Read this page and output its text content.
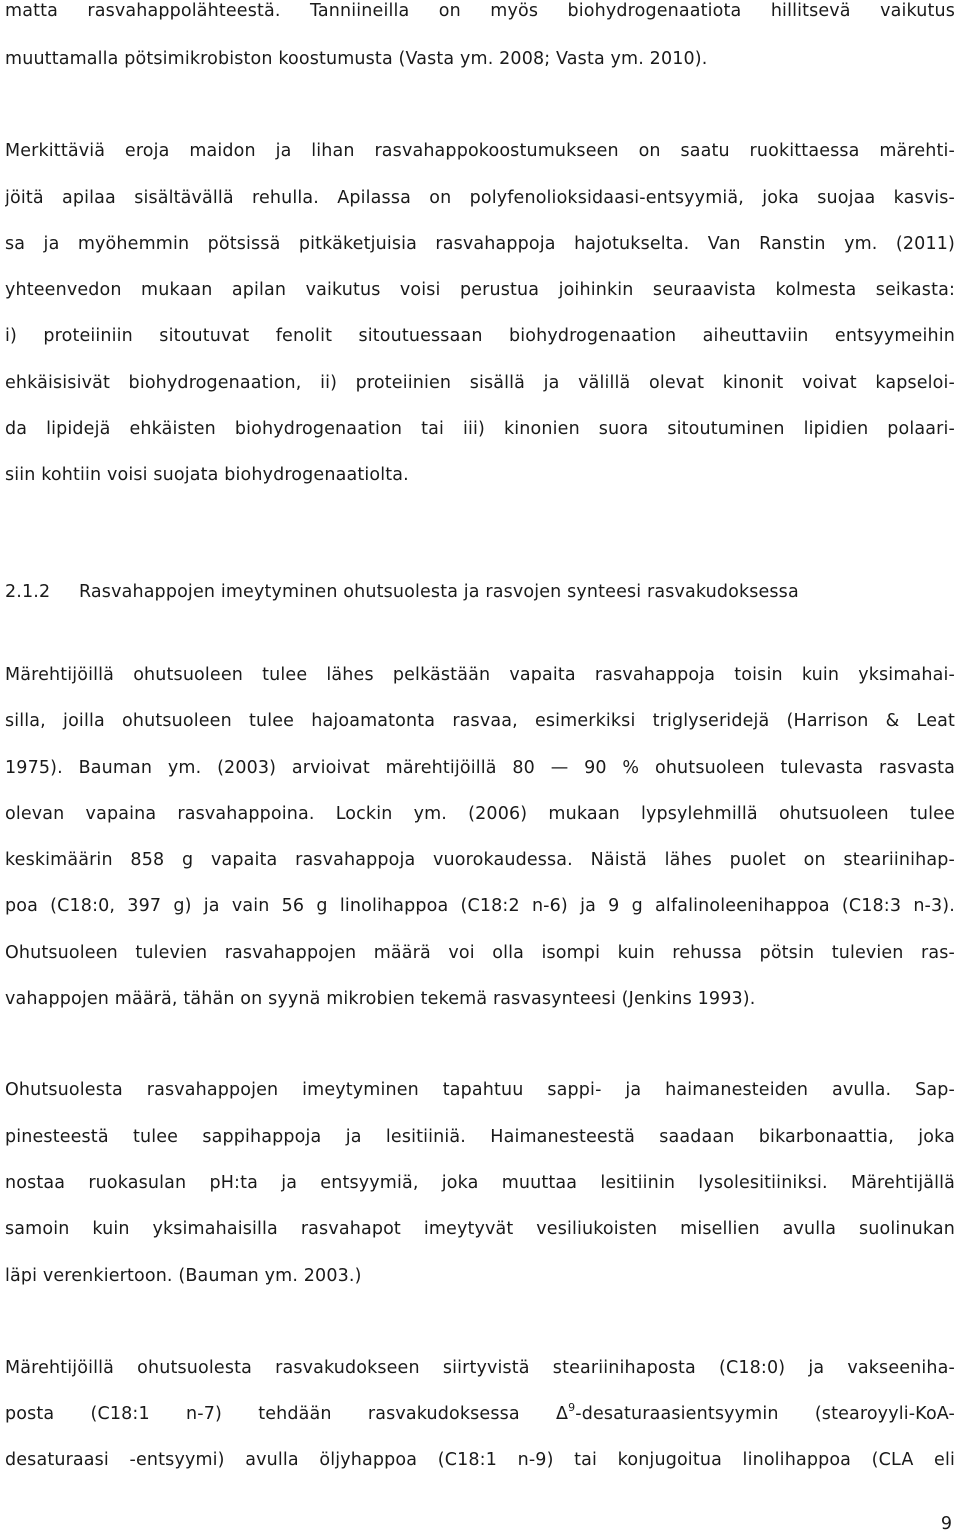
matta rasvahappolähteestä. Tanniineilla on myös biohydrogenaatiota hillitsevä vaikutus
muuttamalla pötsimikrobiston koostumusta (Vasta ym. 2008; Vasta ym. 2010).
Merkittäviä eroja maidon ja lihan rasvahappokoostumukseen on saatu ruokittaessa märehti-
jöitä apilaa sisältävällä rehulla. Apilassa on polyfenolioksidaasi-entsyymiä, joka suojaa kasvis-
sa ja myöhemmin pötsissä pitkäketjuisia rasvahappoja hajotukselta. Van Ranstin ym. (2011)
yhteenvedon mukaan apilan vaikutus voisi perustua joihinkin seuraavista kolmesta seikasta:
i) proteiiniin sitoutuvat fenolit sitoutuessaan biohydrogenaation aiheuttaviin entsyymeihin
ehkäisisivät biohydrogenaation, ii) proteiinien sisällä ja välillä olevat kinonit voivat kapseloi-
da lipidejä ehkäisten biohydrogenaation tai iii) kinonien suora sitoutuminen lipidien polaari-
siin kohtiin voisi suojata biohydrogenaatiolta.
2.1.2 Rasvahappojen imeytyminen ohutsuolesta ja rasvojen synteesi rasvakudoksessa
Märehtijöillä ohutsuoleen tulee lähes pelkästään vapaita rasvahappoja toisin kuin yksimahai-
silla, joilla ohutsuoleen tulee hajoamatonta rasvaa, esimerkiksi triglyseridejä (Harrison & Leat
1975). Bauman ym. (2003) arvioivat märehtijöillä 80 — 90 % ohutsuoleen tulevasta rasvasta
olevan vapaina rasvahappoina. Lockin ym. (2006) mukaan lypsylehmillä ohutsuoleen tulee
keskimäärin 858 g vapaita rasvahappoja vuorokaudessa. Näistä lähes puolet on steariinihap-
poa (C18:0, 397 g) ja vain 56 g linolihappoa (C18:2 n-6) ja 9 g alfalinoleenihappoa (C18:3 n-3).
Ohutsuoleen tulevien rasvahappojen määrä voi olla isompi kuin rehussa pötsin tulevien ras-
vahappojen määrä, tähän on syynä mikrobien tekemä rasvasynteesi (Jenkins 1993).
Ohutsuolesta rasvahappojen imeytyminen tapahtuu sappi- ja haimanesteiden avulla. Sap-
pinesteestä tulee sappihappoja ja lesitiiniä. Haimanesteestä saadaan bikarbonaattia, joka
nostaa ruokasulan pH:ta ja entsyymiä, joka muuttaa lesitiinin lysolesitiiniksi. Märehtijällä
samoin kuin yksimahaisilla rasvahapot imeytyvät vesiliukoisten misellien avulla suolinukan
läpi verenkiertoon. (Bauman ym. 2003.)
Märehtijöillä ohutsuolesta rasvakudokseen siirtyvistä steariinihaposta (C18:0) ja vakseeniha-
posta (C18:1 n-7) tehdään rasvakudoksessa $\Delta^9$-desaturaasientsyymin (stearoyyli-KoA-
desaturaasi -entsyymi) avulla öljyhappoa (C18:1 n-9) tai konjugoitua linolihappoa (CLA eli
9
